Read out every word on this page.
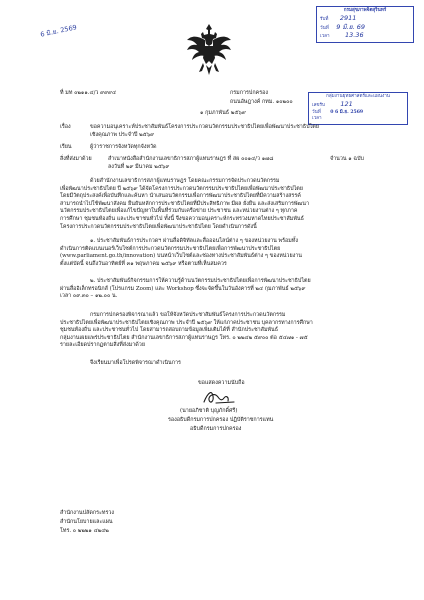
6 มิ.ย. 2569
กรมสุขภาพจิตสุรินทร์
รับที่ 2911
วันที่ 9 มิ.ย. 69
เวลา 13.36
กลุ่มงานยุทธศาสตร์และแผนงาน
เลขรับ 121
วันที่ 0 6 มิ.ย. 2569
เวลา
ที่ มท ๐๒๑๑.๔/ว ๙๙๙๔	กรมการปกครอง
ถนนอัษฎางค์ กทม. ๑๐๒๐๐
๑ กุมภาพันธ์ ๒๕๖๙
เรื่อง	ขอความอนุเคราะห์ประชาสัมพันธ์โครงการประกวดนวัตกรรมประชาธิปไตยเพื่อพัฒนาประชาธิปไตย
เชิงคุณภาพ ประจำปี ๒๕๖๙
เรียน	ผู้ว่าราชการจังหวัดทุกจังหวัด
สิ่งที่ส่งมาด้วย	สำเนาหนังสือสำนักงานเลขาธิการสภาผู้แทนราษฎร ที่ สผ ๐๐๑๔/ว ๑๗๘
ลงวันที่ ๒๙ มีนาคม ๒๕๖๙
จำนวน ๑ ฉบับ
ด้วยสำนักงานเลขาธิการสภาผู้แทนราษฎร โดยคณะกรรมการจัดประกวดนวัตกรรม
เพื่อพัฒนาประชาธิปไตย ปี ๒๕๖๙ ได้จัดโครงการประกวดนวัตกรรมประชาธิปไตยเพื่อพัฒนาประชาธิปไตย
โดยมีวัตถุประสงค์เพื่อบันทึกและค้นหา นำเสนอนวัตกรรมเพื่อการพัฒนาประชาธิปไตยที่มีความสร้างสรรค์
สามารถนำไปใช้พัฒนาสังคม ยืนยันหลักการประชาธิปไตยที่มีประสิทธิภาพ มีผล ยั่งยืน และส่งเสริมการพัฒนา
นวัตกรรมประชาธิปไตยเพื่อแก้ไขปัญหาในพื้นที่ร่วมกับเครือข่าย ประชาชน และหน่วยงานต่าง ๆ ทุกภาค
การศึกษา ชุมชนท้องถิ่น และประชาชนทั่วไป ทั้งนี้ จึงขอความอนุเคราะห์กระทรวงมหาดไทยประชาสัมพันธ์
โครงการประกวดนวัตกรรมประชาธิปไตยเพื่อพัฒนาประชาธิปไตย โดยดำเนินการดังนี้
๑. ประชาสัมพันธ์การประกวดฯ ผ่านสื่อดิจิทัลและสื่อออนไลน์ต่าง ๆ ของหน่วยงาน พร้อมทั้ง
ดำเนินการติดแบนเนอร์เว็บไซต์การประกวดนวัตกรรมประชาธิปไตยเพื่อการพัฒนาประชาธิปไตย
(www.parliament.go.th/innovation) บนหน้าเว็บไซต์และช่องทางประชาสัมพันธ์ต่าง ๆ ของหน่วยงาน
ตั้งแต่บัดนี้ จนถึงวันอาทิตย์ที่ ๓๑ พฤษภาคม ๒๕๖๙ หรือตามที่เห็นสมควร
๒. ประชาสัมพันธ์กิจกรรมการให้ความรู้ด้านนวัตกรรมประชาธิปไตยเพื่อการพัฒนาประชาธิปไตย
ผ่านสื่ออิเล็กทรอนิกส์ (โปรแกรม Zoom) และ Workshop ซึ่งจะจัดขึ้นในวันอังคารที่ ๒๔ กุมภาพันธ์ ๒๕๖๙
เวลา ๐๙.๓๐ – ๑๒.๐๐ น.
กรมการปกครองพิจารณาแล้ว ขอให้จังหวัดประชาสัมพันธ์โครงการประกวดนวัตกรรม
ประชาธิปไตยเพื่อพัฒนาประชาธิปไตยเชิงคุณภาพ ประจำปี ๒๕๖๙ ให้แก่ภาคประชาชน บุคลากรทางการศึกษา
ชุมชนท้องถิ่น และประชาชนทั่วไป โดยสามารถสอบถามข้อมูลเพิ่มเติมได้ที่ สำนักประชาสัมพันธ์
กลุ่มงานเผยแพร่ประชาธิปไตย สำนักงานเลขาธิการสภาผู้แทนราษฎร โทร. ๐ ๒๒๔๒ ๕๙๐๐ ต่อ ๕๔๗๑ - ๗๕
รายละเอียดปรากฏตามสิ่งที่ส่งมาด้วย
จึงเรียนมาเพื่อโปรดพิจารณาดำเนินการ
ขอแสดงความนับถือ
(นายอภิชาติ บุญภักดิ์ศรี)
รองอธิบดีกรมการปกครอง ปฏิบัติราชการแทน
อธิบดีกรมการปกครอง
สำนักงานปลัดกระทรวง
สำนักนโยบายและแผน
โทร. ๐ ๒๒๒๑ ๔๒๔๒
